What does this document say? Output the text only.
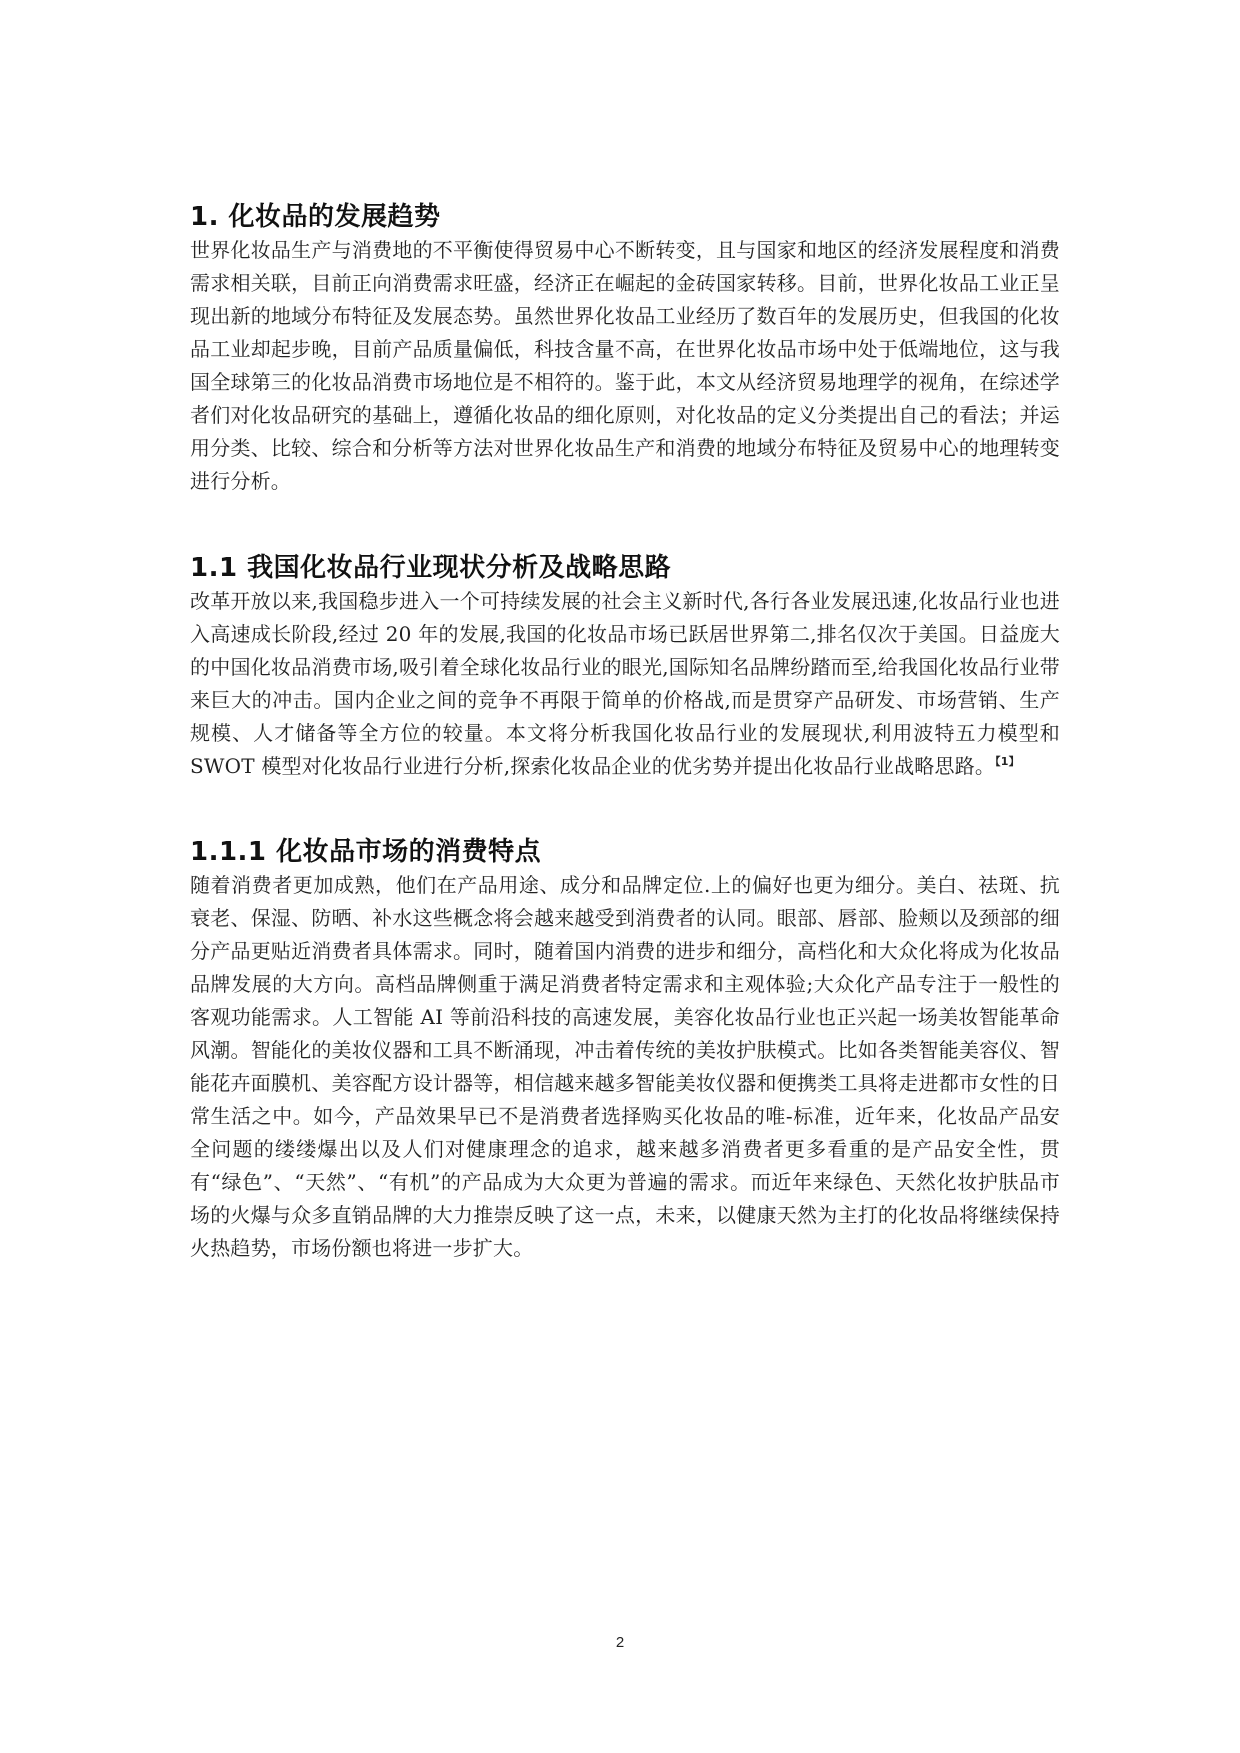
1. 化妆品的发展趋势

世界化妆品生产与消费地的不平衡使得贸易中心不断转变，且与国家和地区的经济发展程度和消费需求相关联，目前正向消费需求旺盛，经济正在崛起的金砖国家转移。目前，世界化妆品工业正呈现出新的地域分布特征及发展态势。虽然世界化妆品工业经历了数百年的发展历史，但我国的化妆品工业却起步晚，目前产品质量偏低，科技含量不高，在世界化妆品市场中处于低端地位，这与我国全球第三的化妆品消费市场地位是不相符的。鉴于此，本文从经济贸易地理学的视角，在综述学者们对化妆品研究的基础上，遵循化妆品的细化原则，对化妆品的定义分类提出自己的看法；并运用分类、比较、综合和分析等方法对世界化妆品生产和消费的地域分布特征及贸易中心的地理转变进行分析。

1.1 我国化妆品行业现状分析及战略思路

改革开放以来,我国稳步进入一个可持续发展的社会主义新时代,各行各业发展迅速,化妆品行业也进入高速成长阶段,经过 20 年的发展,我国的化妆品市场已跃居世界第二,排名仅次于美国。日益庞大的中国化妆品消费市场,吸引着全球化妆品行业的眼光,国际知名品牌纷踏而至,给我国化妆品行业带来巨大的冲击。国内企业之间的竞争不再限于简单的价格战,而是贯穿产品研发、市场营销、生产规模、人才储备等全方位的较量。本文将分析我国化妆品行业的发展现状,利用波特五力模型和 SWOT 模型对化妆品行业进行分析,探索化妆品企业的优劣势并提出化妆品行业战略思路。$^{【1】}$

1.1.1 化妆品市场的消费特点

随着消费者更加成熟，他们在产品用途、成分和品牌定位.上的偏好也更为细分。美白、祛斑、抗衰老、保湿、防晒、补水这些概念将会越来越受到消费者的认同。眼部、唇部、脸颊以及颈部的细分产品更贴近消费者具体需求。同时，随着国内消费的进步和细分，高档化和大众化将成为化妆品品牌发展的大方向。高档品牌侧重于满足消费者特定需求和主观体验;大众化产品专注于一般性的客观功能需求。人工智能 AI 等前沿科技的高速发展，美容化妆品行业也正兴起一场美妆智能革命风潮。智能化的美妆仪器和工具不断涌现，冲击着传统的美妆护肤模式。比如各类智能美容仪、智能花卉面膜机、美容配方设计器等，相信越来越多智能美妆仪器和便携类工具将走进都市女性的日常生活之中。如今，产品效果早已不是消费者选择购买化妆品的唯-标准，近年来，化妆品产品安全问题的缕缕爆出以及人们对健康理念的追求，越来越多消费者更多看重的是产品安全性，贯有“绿色”、“天然”、“有机”的产品成为大众更为普遍的需求。而近年来绿色、天然化妆护肤品市场的火爆与众多直销品牌的大力推崇反映了这一点，未来，以健康天然为主打的化妆品将继续保持火热趋势，市场份额也将进一步扩大。

2
